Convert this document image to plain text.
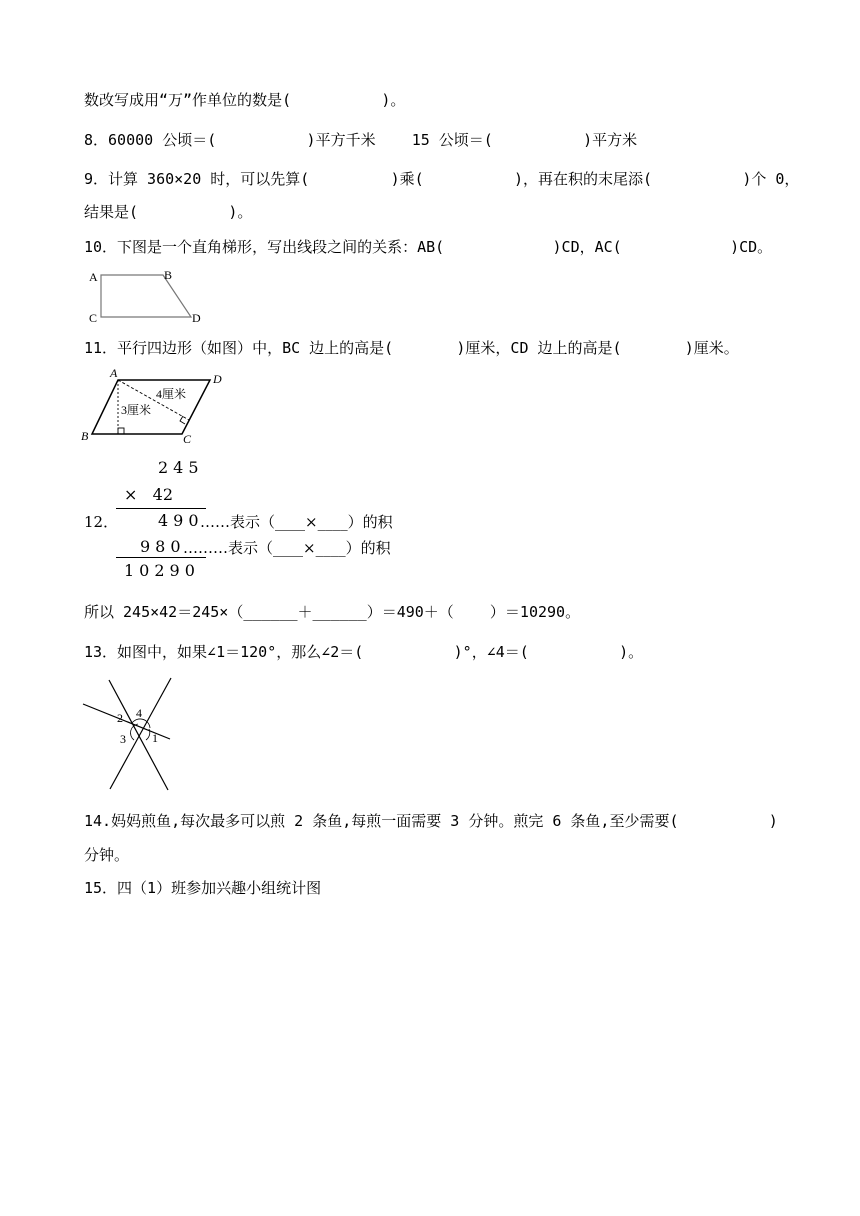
数改写成用“万”作单位的数是(          )。
8．60000 公顷＝(          )平方千米    15 公顷＝(          )平方米
9．计算 360×20 时，可以先算(         )乘(          )，再在积的末尾添(          )个 0，
结果是(          )。
10．下图是一个直角梯形，写出线段之间的关系：AB(            )CD，AC(            )CD。
A	B
C	D
11．平行四边形（如图）中，BC 边上的高是(       )厘米，CD 边上的高是(       )厘米。
A	D
B	C
3厘米
4厘米
245
×   42
12． 490
……表示（____×____）的积
980
………表示（____×____）的积
10290
所以 245×42＝245×（______＋______）＝490＋（    ）＝10290。
13．如图中，如果∠1＝120°，那么∠2＝(          )°，∠4＝(          )。
2 4
3 1
14.妈妈煎鱼,每次最多可以煎 2 条鱼,每煎一面需要 3 分钟。煎完 6 条鱼,至少需要(          )
分钟。
15．四（1）班参加兴趣小组统计图
